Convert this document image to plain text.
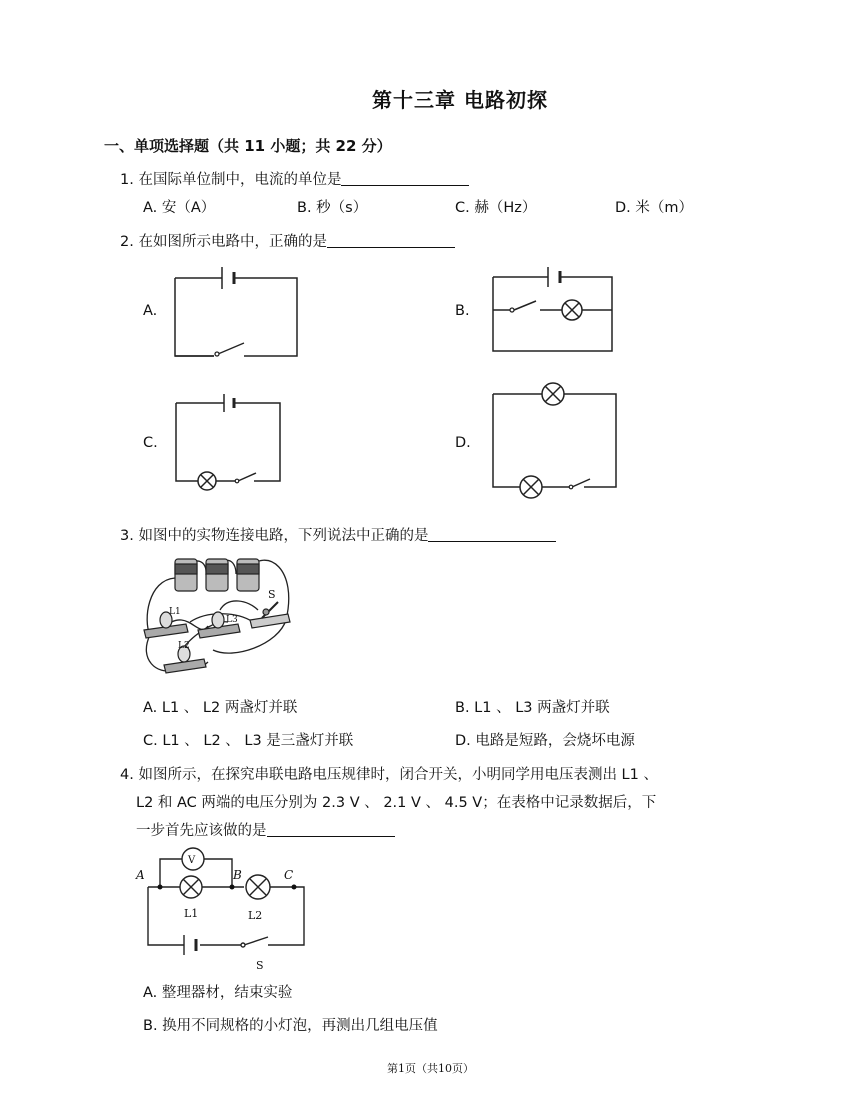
第十三章 电路初探
一、单项选择题（共 11 小题；共 22 分）
1. 在国际单位制中，电流的单位是
A. 安（A）	B. 秒（s）	C. 赫（Hz）	D. 米（m）
2. 在如图所示电路中，正确的是
A.	B.
C.	D.
3. 如图中的实物连接电路，下列说法中正确的是
S
L1
L3
L2
A. L1 、 L2 两盏灯并联	B. L1 、 L3 两盏灯并联
C. L1 、 L2 、 L3 是三盏灯并联	D. 电路是短路，会烧坏电源
4. 如图所示，在探究串联电路电压规律时，闭合开关，小明同学用电压表测出 L1 、
L2 和 AC 两端的电压分别为 2.3 V 、 2.1 V 、 4.5 V；在表格中记录数据后，下
一步首先应该做的是
V
A	B	C
L1	L2
S
A. 整理器材，结束实验
B. 换用不同规格的小灯泡，再测出几组电压值
第1页（共10页）
